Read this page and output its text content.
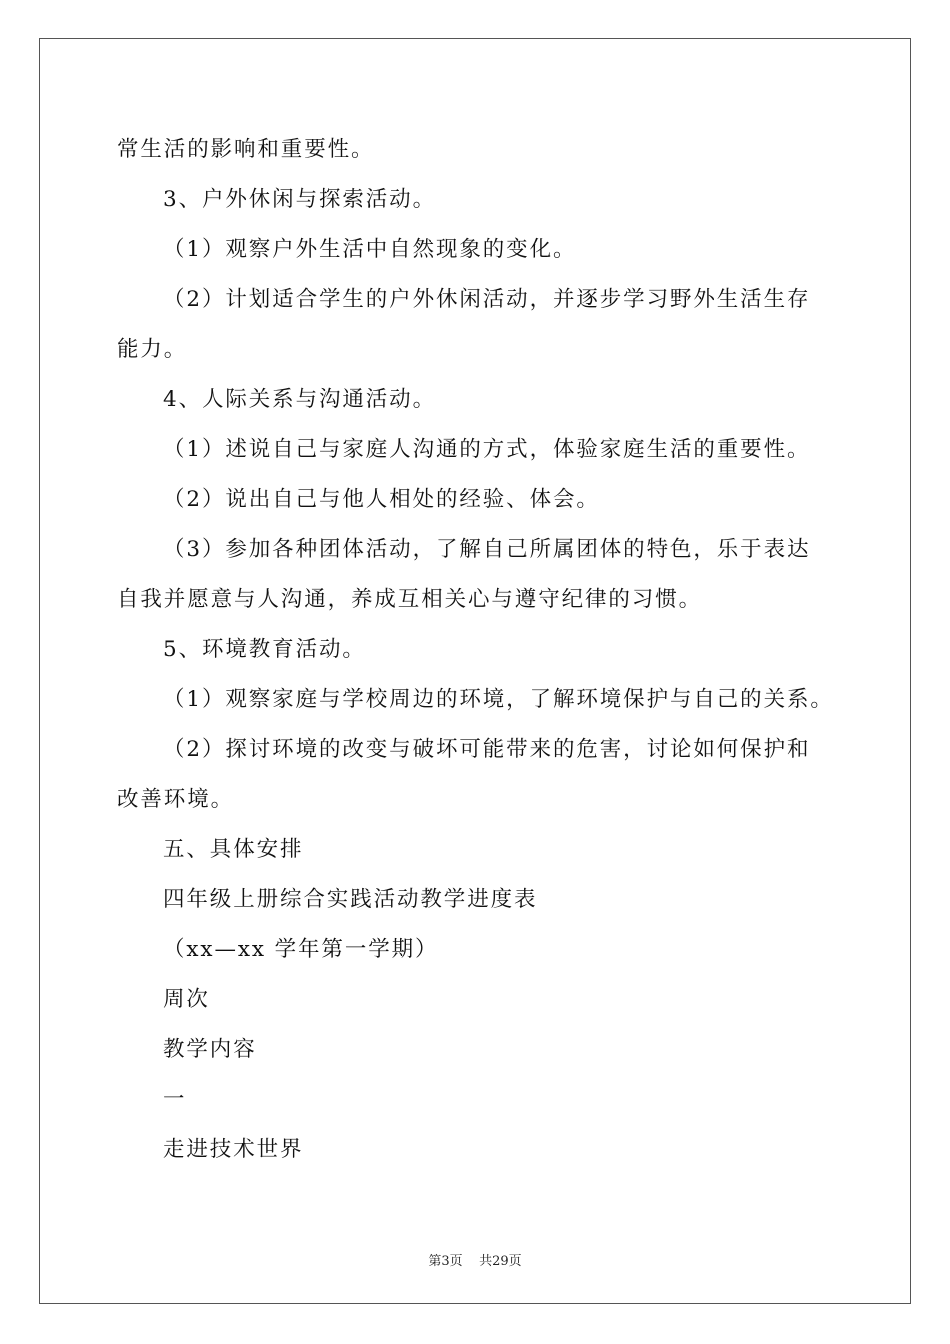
常生活的影响和重要性。
3、户外休闲与探索活动。
（1）观察户外生活中自然现象的变化。
（2）计划适合学生的户外休闲活动，并逐步学习野外生活生存
能力。
4、人际关系与沟通活动。
（1）述说自己与家庭人沟通的方式，体验家庭生活的重要性。
（2）说出自己与他人相处的经验、体会。
（3）参加各种团体活动，了解自己所属团体的特色，乐于表达
自我并愿意与人沟通，养成互相关心与遵守纪律的习惯。
5、环境教育活动。
（1）观察家庭与学校周边的环境，了解环境保护与自己的关系。
（2）探讨环境的改变与破坏可能带来的危害，讨论如何保护和
改善环境。
五、具体安排
四年级上册综合实践活动教学进度表
（xx—xx 学年第一学期）
周次
教学内容
一
走进技术世界
第3页    共29页
